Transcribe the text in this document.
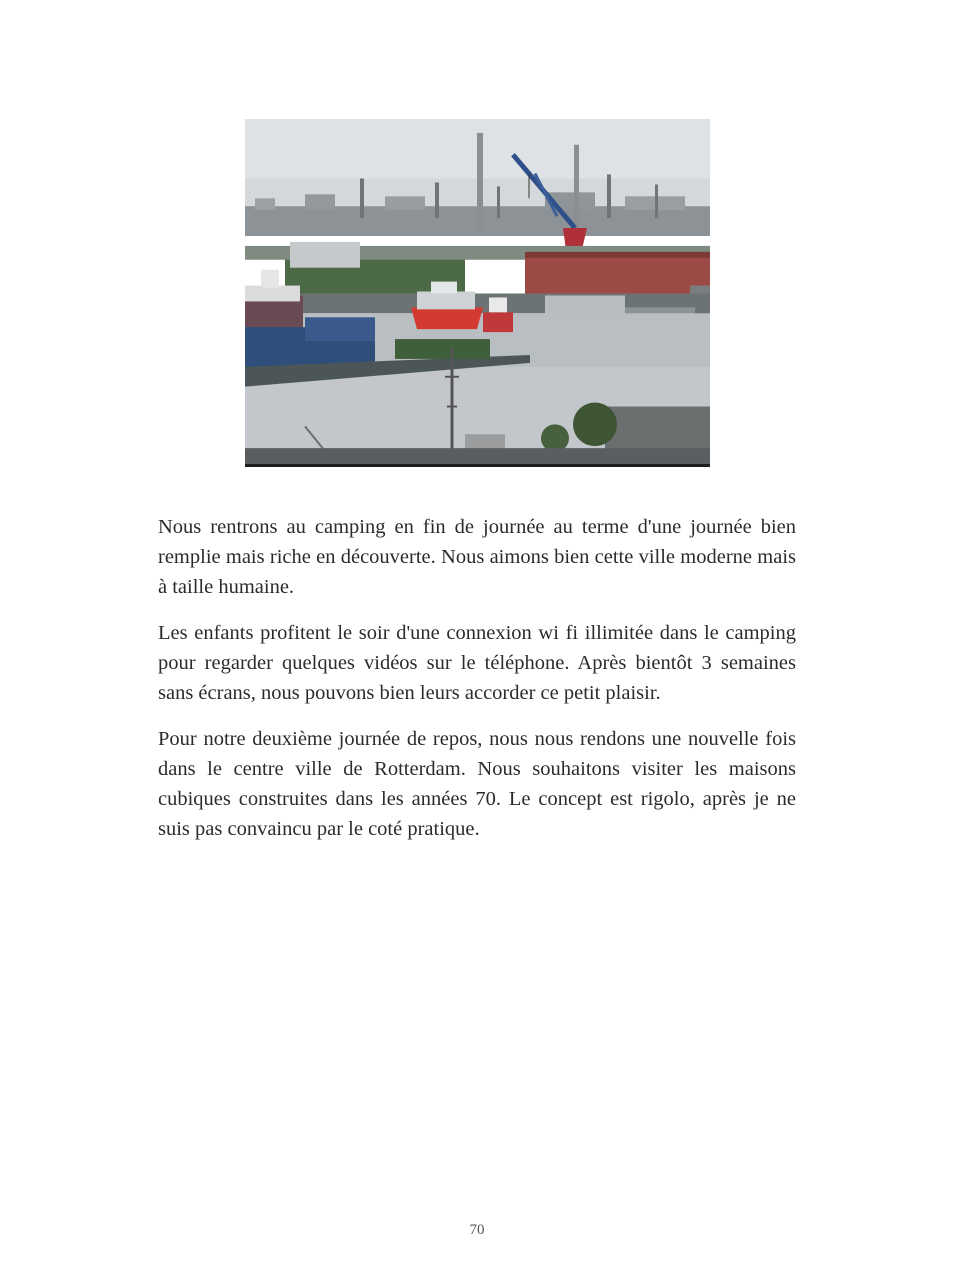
Nous rentrons au camping en fin de journée au terme d'une journée bien remplie mais riche en découverte. Nous aimons bien cette ville moderne mais à taille humaine.

Les enfants profitent le soir d'une connexion wi fi illimitée dans le camping pour regarder quelques vidéos sur le téléphone. Après bientôt 3 semaines sans écrans, nous pouvons bien leurs accorder ce petit plaisir.

Pour notre deuxième journée de repos, nous nous rendons une nouvelle fois dans le centre ville de Rotterdam. Nous souhaitons visiter les maisons cubiques construites dans les années 70. Le concept est rigolo, après je ne suis pas convaincu par le coté pratique.

70
